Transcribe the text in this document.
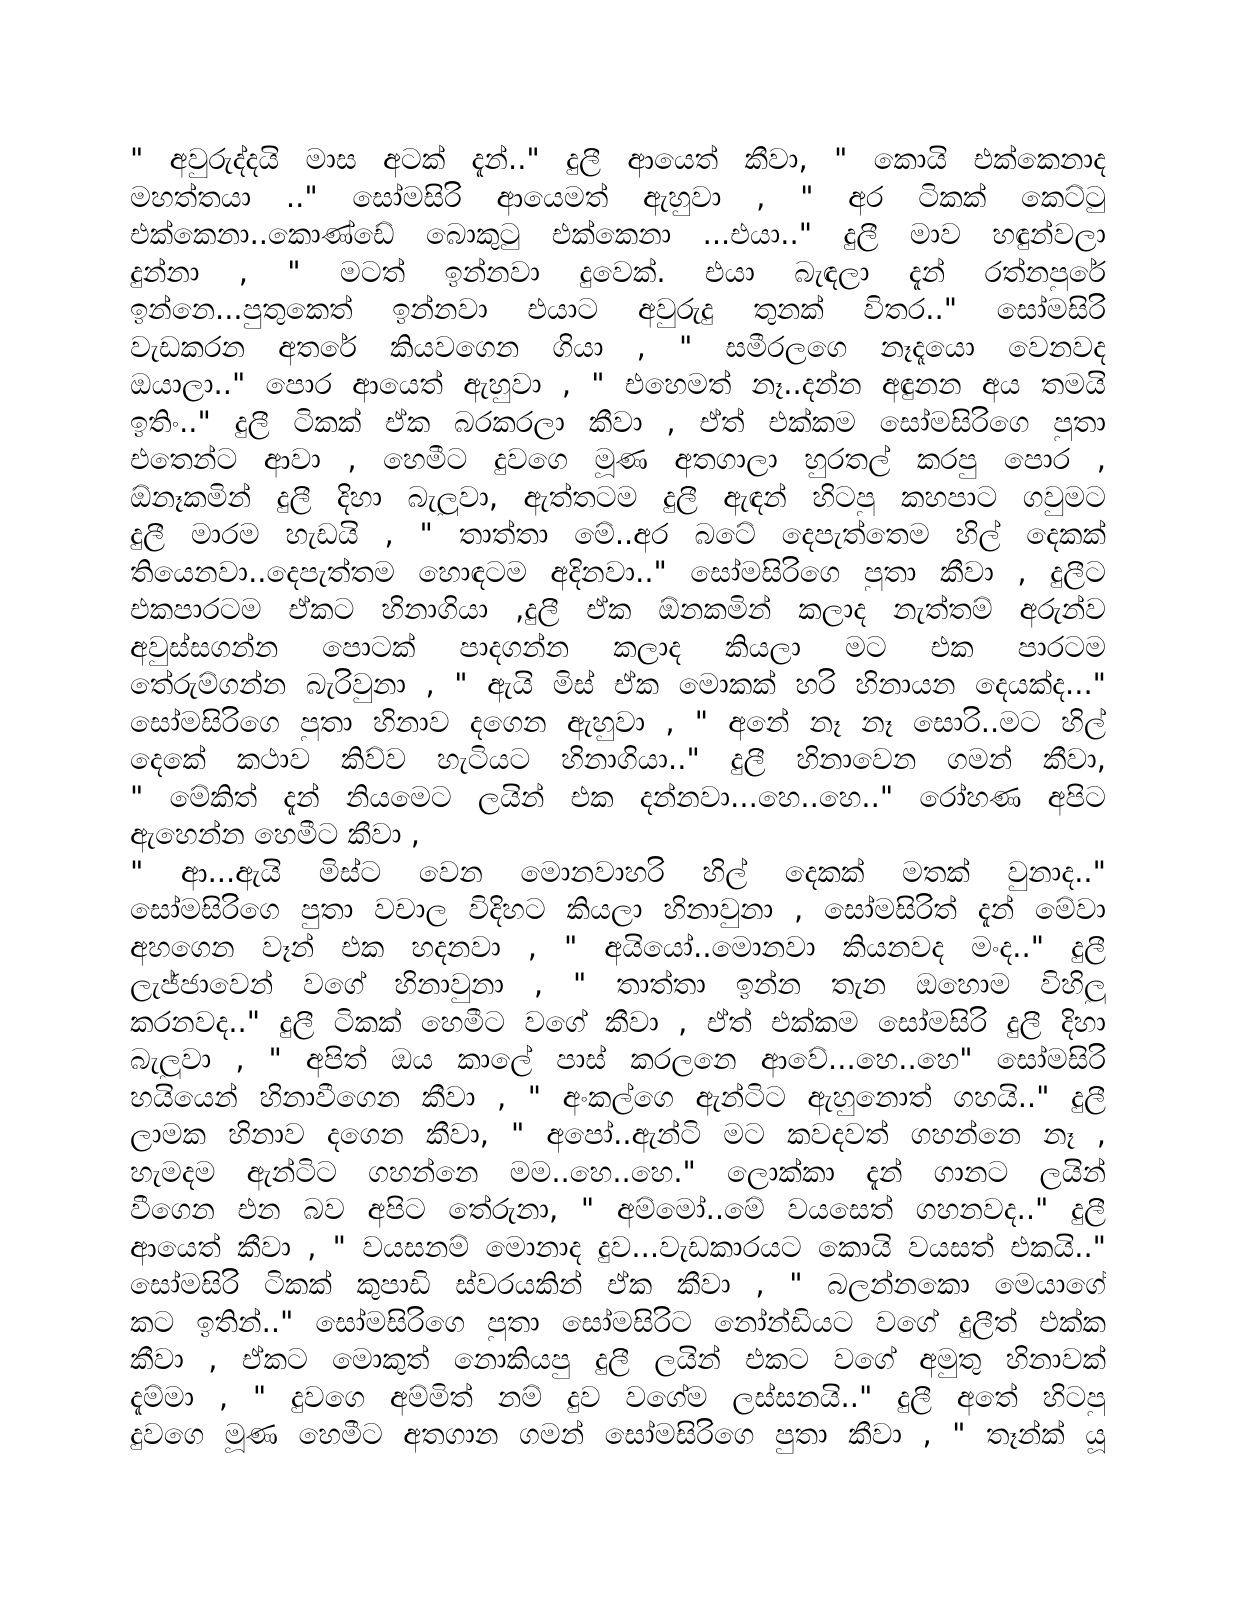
" අවුරුද්දයි මාස අටක් දැන්.." දුලී ආයෙත් කීවා, " කොයි එක්කෙනාද
මහත්තයා .." සෝමසිරි ආයෙමත් ඇහුවා , " අර ටිකක් කෙට්ටු
එක්කෙනා..කොණ්ඩේ බොකුටු එක්කෙනා ...එයා.." දුලී මාව හඳුන්වලා
දුන්නා , " මටත් ඉන්නවා දුවෙක්. එයා බැඳලා දැන් රත්නපුරේ
ඉන්නෙ...පුතුකෙත් ඉන්නවා එයාට අවුරුදු තුනක් විතර.." සෝමසිරි
වැඩකරන අතරේ කියවගෙන ගියා , " සමීරලගෙ නෑදෑයො වෙනවද
ඔයාලා.." පොර ආයෙත් ඇහුවා , " එහෙමත් නෑ..දන්න අඳුනන අය තමයි
ඉතිං.." දුලී ටිකක් ඒක බරකරලා කීවා , ඒත් එක්කම සෝමසිරිගෙ පුතා
එතෙන්ට ආවා , හෙමීට දුවගෙ මූණ අතගාලා හුරතල් කරපු පොර ,
ඕනෑකමින් දුලී දිහා බැලුවා, ඇත්තටම දුලී ඇඳන් හිටපු කහපාට ගවුමට
දුලී මාරම හැඩයි , " තාත්තා මේ..අර බටේ දෙපැත්තෙම හිල් දෙකක්
තියෙනවා..දෙපැත්තම හොඳටම අදිනවා.." සෝමසිරිගෙ පුතා කීවා , දුලීට
එකපාරටම ඒකට හිනාගියා ,දුලී ඒක ඕනකමින් කලාද නැත්තම් අරුන්ව
අවුස්සගන්න පොටක් පාදගන්න කලාද කියලා මට එක පාරටම
තේරුම්ගන්න බැරිවුනා , " ඇයි මිස් ඒක මොකක් හරි හිනායන දෙයක්ද..."
සෝමසිරිගෙ පුතා හිනාව දගෙන ඇහුවා , " අනේ නෑ නෑ සොරි..මට හිල්
දෙකේ කථාව කිව්ව හැටියට හිනාගියා.." දුලී හිනාවෙන ගමන් කීවා,
" මේකිත් දැන් නියමෙට ලයින් එක දන්නවා...හෙ..හෙ.." රෝහණ අපිට
ඇහෙන්න හෙමීට කීවා ,
" ආ...ඇයි මිස්ට වෙන මොනවාහරි හිල් දෙකක් මතක් වුනාද.."
සෝමසිරිගෙ පුතා වචාල විදිහට කියලා හිනාවුනා , සෝමසිරිත් දැන් මේවා
අහගෙන වෑන් එක හදනවා , " අයියෝ..මොනවා කියනවද මංද.." දුලී
ලැජ්ජාවෙන් වගේ හිනාවුනා , " තාත්තා ඉන්න තැන ඔහොම විහිලු
කරනවද.." දුලී ටිකක් හෙමීට වගේ කීවා , ඒත් එක්කම සෝමසිරි දුලී දිහා
බැලුවා , " අපිත් ඔය කාලේ පාස් කරලනෙ ආවේ...හෙ..හෙ" සෝමසිරි
හයියෙන් හිනාවීගෙන කීවා , " අංකල්ගෙ ඇන්ටිට ඇහුනොත් ගහයි.." දුලී
ලාමක හිනාව දගෙන කීවා, " අපෝ..ඇන්ටි මට කවදවත් ගහන්නෙ නෑ ,
හැමදම ඇන්ටිට ගහන්නෙ මම..හෙ..හෙ." ලොක්කා දැන් ගානට ලයින්
වීගෙන එන බව අපිට තේරුනා, " අම්මෝ..මේ වයසෙත් ගහනවද.." දුලී
ආයෙත් කීවා , " වයසනම් මොනාද දුව...වැඩකාරයට කොයි වයසත් එකයි.."
සෝමසිරි ටිකක් කුපාඩි ස්වරයකින් ඒක කීවා , " බලන්නකො මෙයාගේ
කට ඉතින්.." සෝමසිරිගෙ පුතා සෝමසිරිට නෝන්ඩියට වගේ දුලීත් එක්ක
කීවා , ඒකට මොකුත් නොකියපු දුලී ලයින් එකට වගේ අමුතු හිනාවක්
දැම්මා , " දුවගෙ අම්මිත් නම් දුව වගේම ලස්සනයි.." දුලී අතේ හිටපු
දුවගෙ මූණ හෙමීට අතගාන ගමන් සෝමසිරිගෙ පුතා කීවා , " තෑන්ක් යූ
